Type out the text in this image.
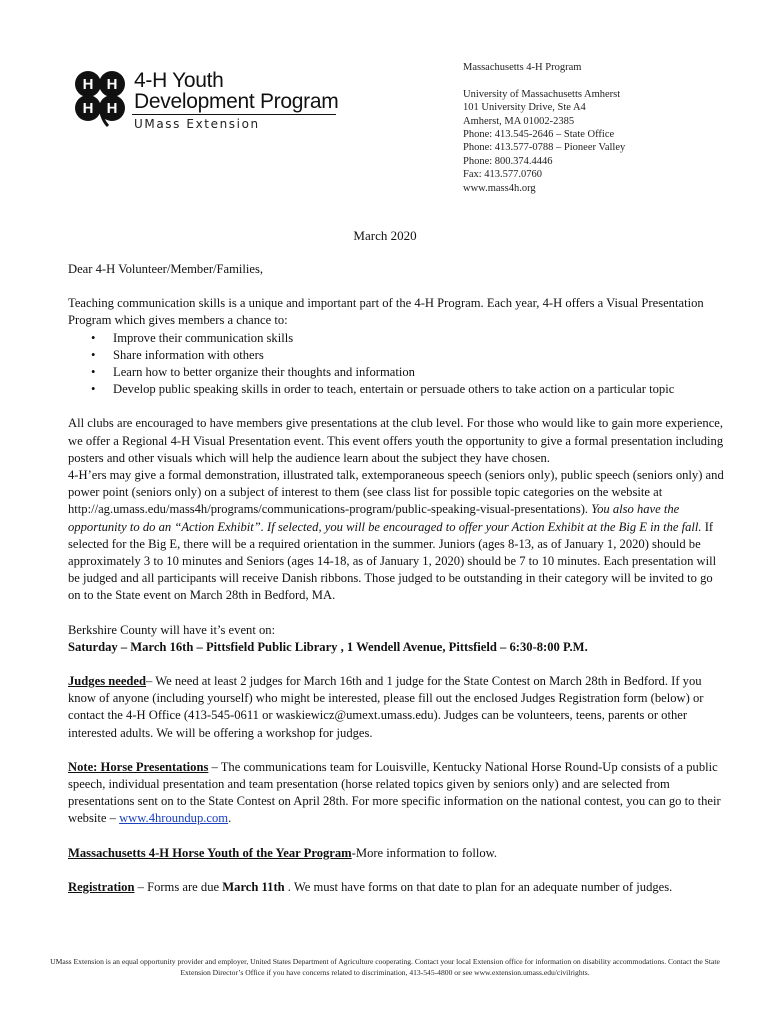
H H
H H
4-H Youth
Development Program
UMass Extension
Massachusetts 4-H Program
University of Massachusetts Amherst
101 University Drive, Ste A4
Amherst, MA 01002-2385
Phone: 413.545-2646 – State Office
Phone: 413.577-0788 – Pioneer Valley
Phone: 800.374.4446
Fax: 413.577.0760
www.mass4h.org
March 2020

Dear 4-H Volunteer/Member/Families,

Teaching communication skills is a unique and important part of the 4-H Program. Each year, 4-H offers a Visual Presentation Program which gives members a chance to:

• Improve their communication skills
• Share information with others
• Learn how to better organize their thoughts and information
• Develop public speaking skills in order to teach, entertain or persuade others to take action on a particular topic

All clubs are encouraged to have members give presentations at the club level. For those who would like to gain more experience, we offer a Regional 4-H Visual Presentation event. This event offers youth the opportunity to give a formal presentation including posters and other visuals which will help the audience learn about the subject they have chosen.

4-H’ers may give a formal demonstration, illustrated talk, extemporaneous speech (seniors only), public speech (seniors only) and power point (seniors only) on a subject of interest to them (see class list for possible topic categories on the website at http://ag.umass.edu/mass4h/programs/communications-program/public-speaking-visual-presentations). You also have the opportunity to do an “Action Exhibit”. If selected, you will be encouraged to offer your Action Exhibit at the Big E in the fall. If selected for the Big E, there will be a required orientation in the summer. Juniors (ages 8-13, as of January 1, 2020) should be approximately 3 to 10 minutes and Seniors (ages 14-18, as of January 1, 2020) should be 7 to 10 minutes. Each presentation will be judged and all participants will receive Danish ribbons. Those judged to be outstanding in their category will be invited to go on to the State event on March 28th in Bedford, MA.

Berkshire County will have it’s event on:
Saturday – March 16th – Pittsfield Public Library , 1 Wendell Avenue, Pittsfield – 6:30-8:00 P.M.

Judges needed– We need at least 2 judges for March 16th and 1 judge for the State Contest on March 28th in Bedford. If you know of anyone (including yourself) who might be interested, please fill out the enclosed Judges Registration form (below) or contact the 4-H Office (413-545-0611 or waskiewicz@umext.umass.edu). Judges can be volunteers, teens, parents or other interested adults. We will be offering a workshop for judges.

Note: Horse Presentations – The communications team for Louisville, Kentucky National Horse Round-Up consists of a public speech, individual presentation and team presentation (horse related topics given by seniors only) and are selected from presentations sent on to the State Contest on April 28th. For more specific information on the national contest, you can go to their website – www.4hroundup.com.

Massachusetts 4-H Horse Youth of the Year Program-More information to follow.

Registration – Forms are due March 11th . We must have forms on that date to plan for an adequate number of judges.

UMass Extension is an equal opportunity provider and employer, United States Department of Agriculture cooperating. Contact your local Extension office for information on disability accommodations. Contact the State Extension Director’s Office if you have concerns related to discrimination, 413-545-4800 or see www.extension.umass.edu/civilrights.
